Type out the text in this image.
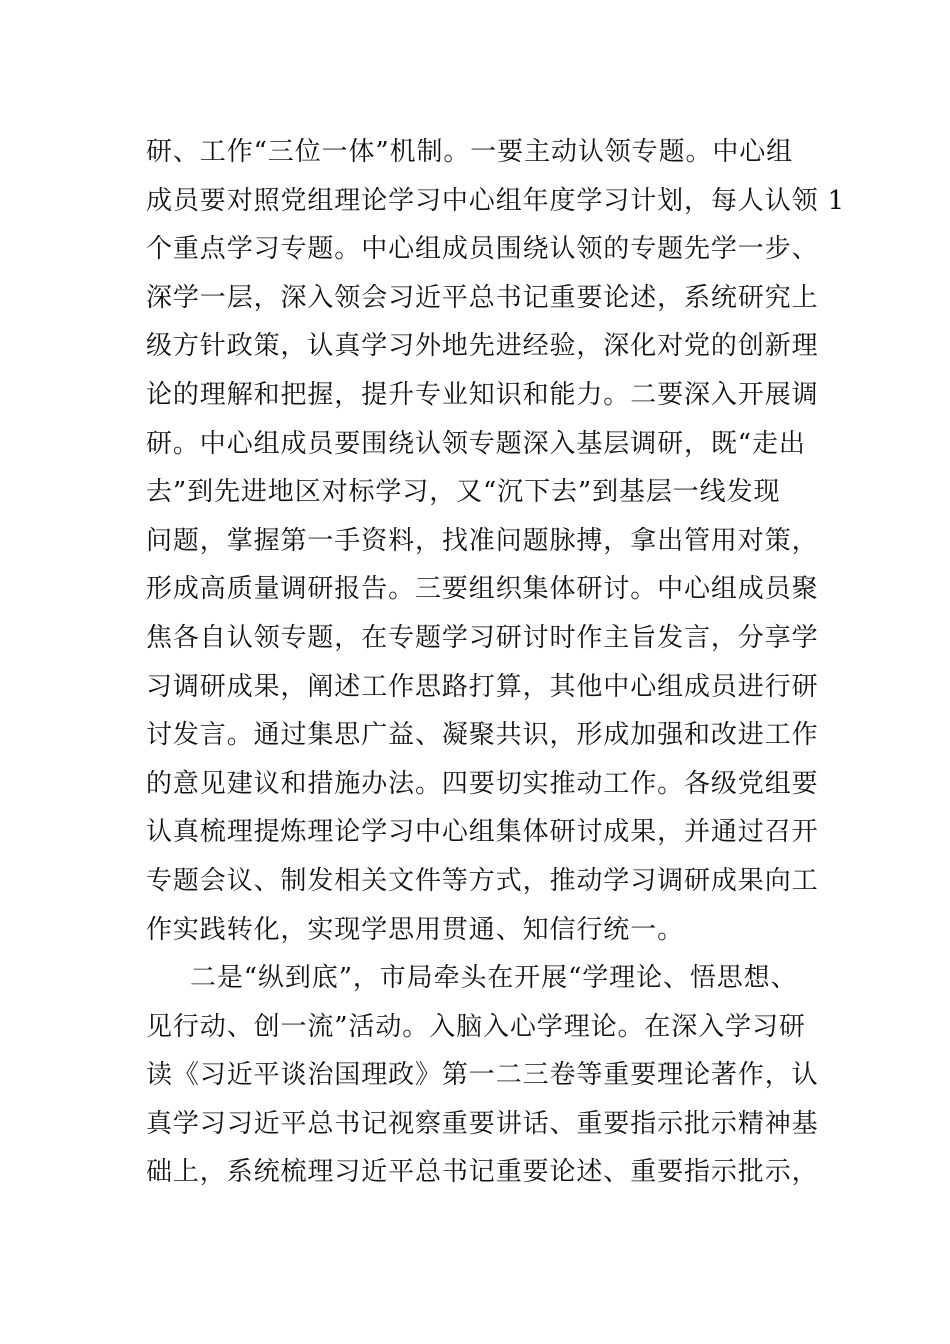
研、工作“三位一体”机制。一要主动认领专题。中心组
成员要对照党组理论学习中心组年度学习计划，每人认领 1
个重点学习专题。中心组成员围绕认领的专题先学一步、
深学一层，深入领会习近平总书记重要论述，系统研究上
级方针政策，认真学习外地先进经验，深化对党的创新理
论的理解和把握，提升专业知识和能力。二要深入开展调
研。中心组成员要围绕认领专题深入基层调研，既“走出
去”到先进地区对标学习，又“沉下去”到基层一线发现
问题，掌握第一手资料，找准问题脉搏，拿出管用对策，
形成高质量调研报告。三要组织集体研讨。中心组成员聚
焦各自认领专题，在专题学习研讨时作主旨发言，分享学
习调研成果，阐述工作思路打算，其他中心组成员进行研
讨发言。通过集思广益、凝聚共识，形成加强和改进工作
的意见建议和措施办法。四要切实推动工作。各级党组要
认真梳理提炼理论学习中心组集体研讨成果，并通过召开
专题会议、制发相关文件等方式，推动学习调研成果向工
作实践转化，实现学思用贯通、知信行统一。
二是“纵到底”，市局牵头在开展“学理论、悟思想、
见行动、创一流”活动。入脑入心学理论。在深入学习研
读《习近平谈治国理政》第一二三卷等重要理论著作，认
真学习习近平总书记视察重要讲话、重要指示批示精神基
础上，系统梳理习近平总书记重要论述、重要指示批示，
